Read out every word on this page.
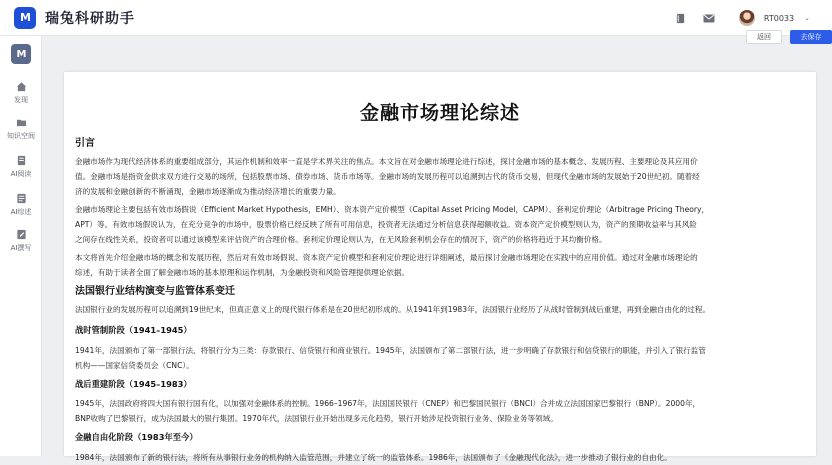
M	瑞兔科研助手	RT0033 ⌄
M
发现
知识空间
AI阅读
AI综述
AI撰写
返回	去保存
金融市场理论综述
引言
金融市场作为现代经济体系的重要组成部分，其运作机制和效率一直是学术界关注的焦点。本文旨在对金融市场理论进行综述，探讨金融市场的基本概念、发展历程、主要理论及其应用价
值。金融市场是指资金供求双方进行交易的场所，包括股票市场、债券市场、货币市场等。金融市场的发展历程可以追溯到古代的货币交易，但现代金融市场的发展始于20世纪初。随着经
济的发展和金融创新的不断涌现，金融市场逐渐成为推动经济增长的重要力量。
金融市场理论主要包括有效市场假说（Efficient Market Hypothesis，EMH）、资本资产定价模型（Capital Asset Pricing Model，CAPM）、套利定价理论（Arbitrage Pricing Theory，
APT）等。有效市场假说认为，在充分竞争的市场中，股票价格已经反映了所有可用信息，投资者无法通过分析信息获得超额收益。资本资产定价模型则认为，资产的预期收益率与其风险
之间存在线性关系，投资者可以通过该模型来评估资产的合理价格。套利定价理论则认为，在无风险套利机会存在的情况下，资产的价格将趋近于其均衡价格。
本文将首先介绍金融市场的概念和发展历程，然后对有效市场假说、资本资产定价模型和套利定价理论进行详细阐述，最后探讨金融市场理论在实践中的应用价值。通过对金融市场理论的
综述，有助于读者全面了解金融市场的基本原理和运作机制，为金融投资和风险管理提供理论依据。
法国银行业结构演变与监管体系变迁
法国银行业的发展历程可以追溯到19世纪末，但真正意义上的现代银行体系是在20世纪初形成的。从1941年到1983年，法国银行业经历了从战时管制到战后重建，再到金融自由化的过程。
战时管制阶段（1941–1945）
1941年，法国颁布了第一部银行法，将银行分为三类：存款银行、信贷银行和商业银行。1945年，法国颁布了第二部银行法，进一步明确了存款银行和信贷银行的职能，并引入了银行监管
机构——国家信贷委员会（CNC）。
战后重建阶段（1945–1983）
1945年，法国政府将四大国有银行国有化，以加强对金融体系的控制。1966–1967年，法国国民银行（CNEP）和巴黎国民银行（BNCI）合并成立法国国家巴黎银行（BNP）。2000年，
BNP收购了巴黎银行，成为法国最大的银行集团。1970年代，法国银行业开始出现多元化趋势，银行开始涉足投资银行业务、保险业务等领域。
金融自由化阶段（1983年至今）
1984年，法国颁布了新的银行法，将所有从事银行业务的机构纳入监管范围，并建立了统一的监管体系。1986年，法国颁布了《金融现代化法》，进一步推动了银行业的自由化。
